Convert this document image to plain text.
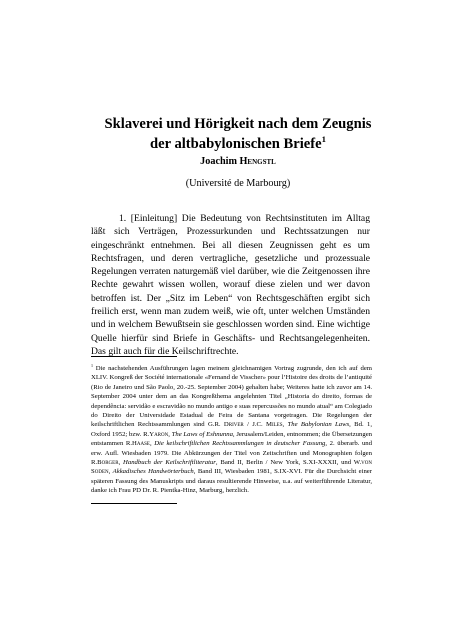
Sklaverei und Hörigkeit nach dem Zeugnis
der altbabylonischen Briefe$^1$
Joachim Hengstl
(Université de Marbourg)

1. [Einleitung] Die Bedeutung von Rechtsinstituten im Alltag läßt sich Verträgen, Prozessurkunden und Rechtssatzungen nur eingeschränkt entnehmen. Bei all diesen Zeugnissen geht es um Rechtsfragen, und deren vertragliche, gesetzliche und prozessuale Regelungen verraten naturgemäß viel darüber, wie die Zeitgenossen ihre Rechte gewahrt wissen wollen, worauf diese zielen und wer davon betroffen ist. Der „Sitz im Leben“ von Rechtsgeschäften ergibt sich freilich erst, wenn man zudem weiß, wie oft, unter welchen Umständen und in welchem Bewußtsein sie geschlossen worden sind. Eine wichtige Quelle hierfür sind Briefe in Geschäfts- und Rechtsangelegenheiten. Das gilt auch für die Keilschriftrechte.

$^1$ Die nachstehenden Ausführungen lagen meinem gleichnamigen Vortrag zugrunde, den ich auf dem XLIV. Kongreß der Société internationale «Fernand de Visscher» pour l’Histoire des droits de l’antiquité (Rio de Janeiro und São Paolo, 20.-25. September 2004) gehalten habe; Weiteres hatte ich zuvor am 14. September 2004 unter dem an das Kongreßthema angelehnten Titel „Historia do direito, formas de dependência: servidão e escravidão no mundo antigo e suas repercussões no mundo atual“ am Colegiado do Direito der Universidade Estadual de Feira de Santana vorgetragen. Die Regelungen der keilschriftlichen Rechtssammlungen sind G.R. Driver / J.C. Miles, The Babylonian Laws, Bd. 1, Oxford 1952; bzw. R.Yaron, The Laws of Eshnunna, Jerusalem/Leiden, entnommen; die Übersetzungen entstammen R.Haase, Die keilschriftlichen Rechtssammlungen in deutscher Fassung, 2. überarb. und erw. Aufl. Wiesbaden 1979. Die Abkürzungen der Titel von Zeitschriften und Monographien folgen R.Borger, Handbuch der Keilschriftliteratur, Band II, Berlin / New York, S.XI-XXXII, und W.von Soden, Akkadisches Handwörterbuch, Band III, Wiesbaden 1981, S.IX-XVI. Für die Durchsicht einer späteren Fassung des Manuskripts und daraus resultierende Hinweise, u.a. auf weiterführende Literatur, danke ich Frau PD Dr. R. Pientka-Hinz, Marburg, herzlich.
